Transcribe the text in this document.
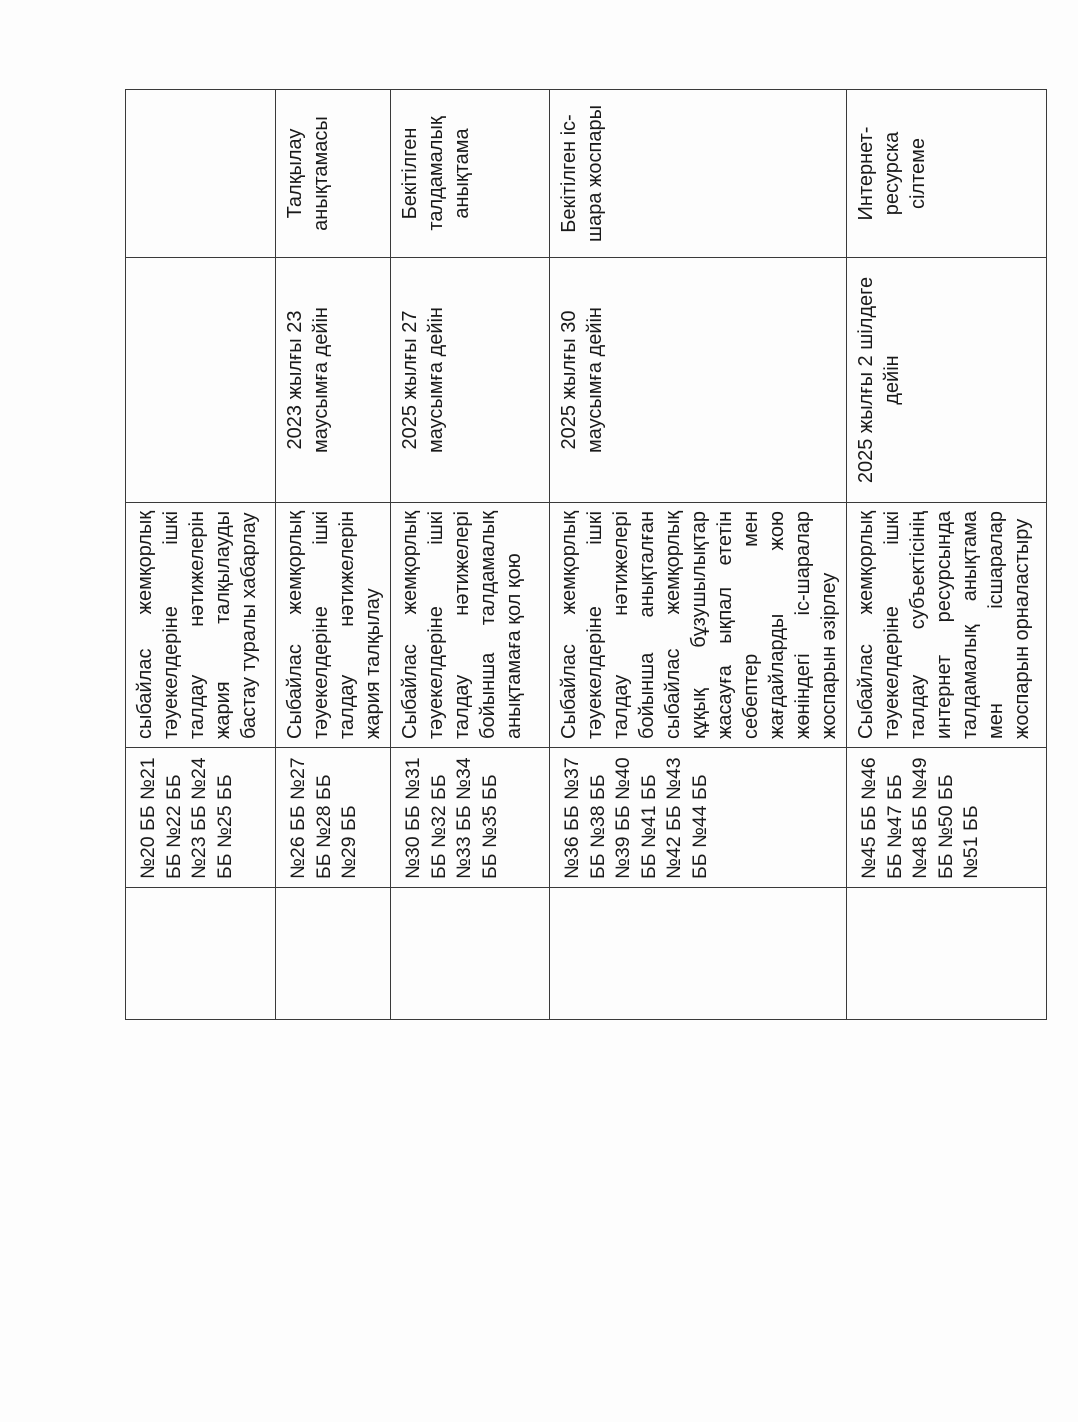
	№20 ББ №21 ББ №22 ББ №23 ББ №24 ББ №25 ББ	сыбайлас жемқорлық тәуекелдеріне ішкі талдау нәтижелерін жария талқылауды бастау туралы хабарлау		
	№26 ББ №27 ББ №28 ББ №29 ББ	Сыбайлас жемқорлық тәуекелдеріне ішкі талдау нәтижелерін жария талқылау	2023 жылғы 23 маусымға дейін	Талқылау анықтамасы
	№30 ББ №31 ББ №32 ББ №33 ББ №34 ББ №35 ББ	Сыбайлас жемқорлық тәуекелдеріне ішкі талдау нәтижелері бойынша талдамалық анықтамаға қол қою	2025 жылғы 27 маусымға дейін	Бекітілген талдамалық анықтама
	№36 ББ №37 ББ №38 ББ №39 ББ №40 ББ №41 ББ №42 ББ №43 ББ №44 ББ	Сыбайлас жемқорлық тәуекелдеріне ішкі талдау нәтижелері бойынша анықталған сыбайлас жемқорлық құқық бұзушылықтар жасауға ықпал ететін себептер мен жағдайларды жою жөніндегі іс-шаралар жоспарын әзірлеу	2025 жылғы 30 маусымға дейін	Бекітілген іс-шара жоспары
	№45 ББ №46 ББ №47 ББ №48 ББ №49 ББ №50 ББ №51 ББ	Сыбайлас жемқорлық тәуекелдеріне ішкі талдау субъектісінің интернет ресурсында талдамалық анықтама мен ісшаралар жоспарын орналастыру	2025 жылғы 2 шілдеге дейін	Интернет-ресурска сілтеме
